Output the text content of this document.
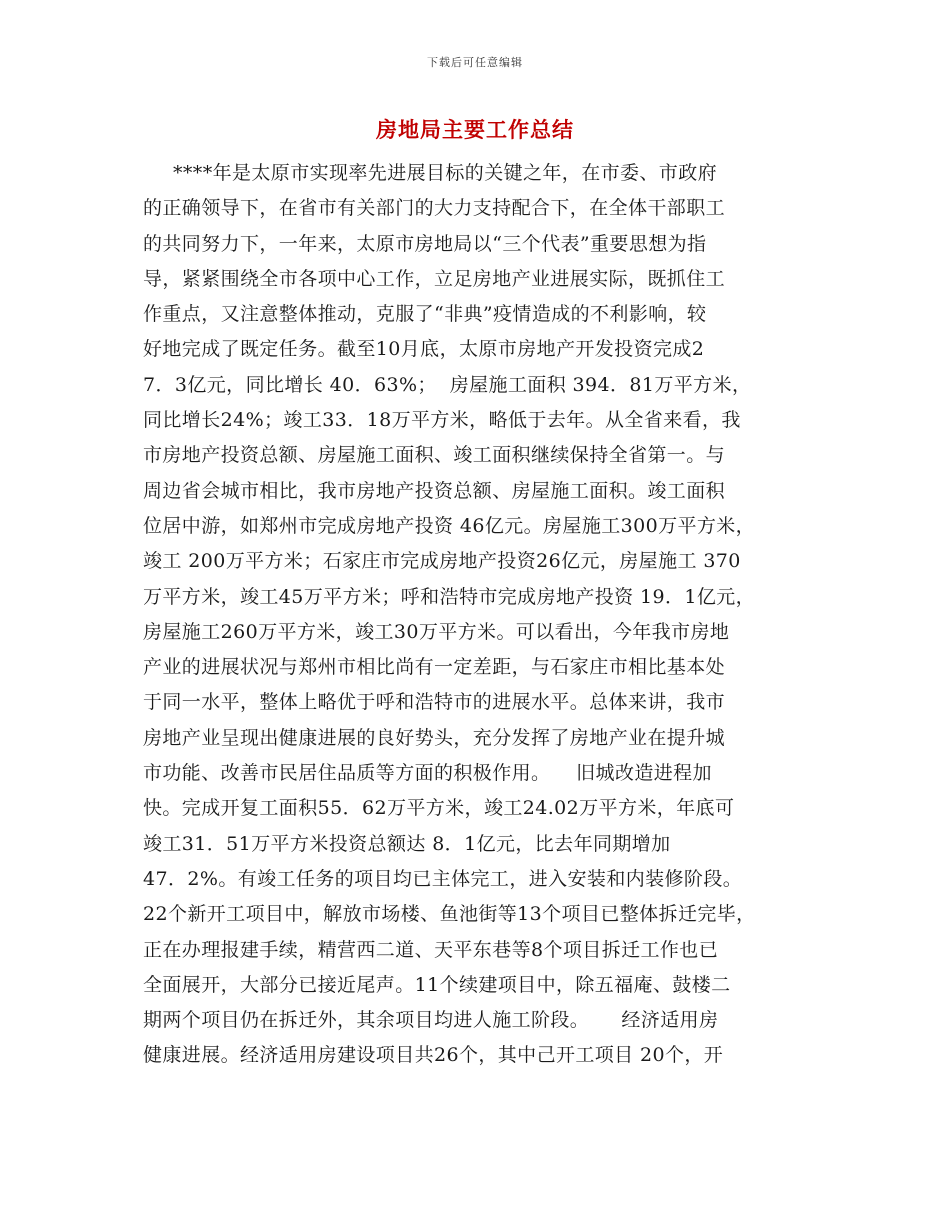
下载后可任意编辑
房地局主要工作总结
****年是太原市实现率先进展目标的关键之年，在市委、市政府
的正确领导下，在省市有关部门的大力支持配合下，在全体干部职工
的共同努力下，一年来，太原市房地局以“三个代表”重要思想为指
导，紧紧围绕全市各项中心工作，立足房地产业进展实际，既抓住工
作重点，又注意整体推动，克服了“非典”疫情造成的不利影响，较
好地完成了既定任务。截至10月底，太原市房地产开发投资完成2
7．3亿元，同比增长 40．63%；  房屋施工面积 394．81万平方米，
同比增长24%；竣工33．18万平方米，略低于去年。从全省来看，我
市房地产投资总额、房屋施工面积、竣工面积继续保持全省第一。与
周边省会城市相比，我市房地产投资总额、房屋施工面积。竣工面积
位居中游，如郑州市完成房地产投资 46亿元。房屋施工300万平方米，
竣工 200万平方米；石家庄市完成房地产投资26亿元，房屋施工 370
万平方米，竣工45万平方米；呼和浩特市完成房地产投资 19．1亿元，
房屋施工260万平方米，竣工30万平方米。可以看出，今年我市房地
产业的进展状况与郑州市相比尚有一定差距，与石家庄市相比基本处
于同一水平，整体上略优于呼和浩特市的进展水平。总体来讲，我市
房地产业呈现出健康进展的良好势头，充分发挥了房地产业在提升城
市功能、改善市民居住品质等方面的积极作用。    旧城改造进程加
快。完成开复工面积55．62万平方米，竣工24.02万平方米，年底可
竣工31．51万平方米投资总额达 8．1亿元，比去年同期增加
47．2%。有竣工任务的项目均已主体完工，进入安装和内装修阶段。
22个新开工项目中，解放市场楼、鱼池街等13个项目已整体拆迁完毕，
正在办理报建手续，精营西二道、天平东巷等8个项目拆迁工作也已
全面展开，大部分已接近尾声。11个续建项目中，除五福庵、鼓楼二
期两个项目仍在拆迁外，其余项目均进人施工阶段。     经济适用房
健康进展。经济适用房建设项目共26个，其中己开工项目 20个，开
